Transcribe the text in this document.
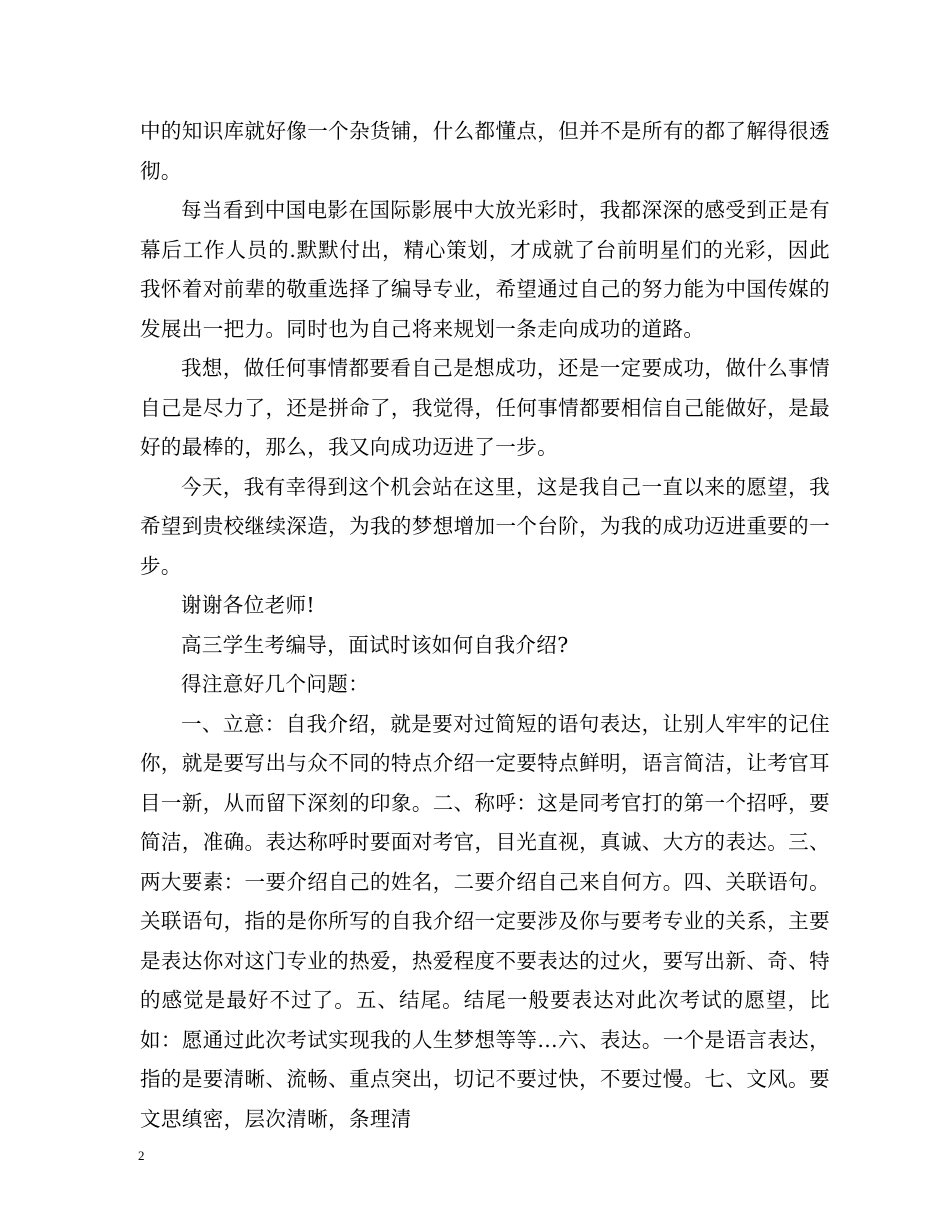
中的知识库就好像一个杂货铺，什么都懂点，但并不是所有的都了解得很透彻。

每当看到中国电影在国际影展中大放光彩时，我都深深的感受到正是有幕后工作人员的.默默付出，精心策划，才成就了台前明星们的光彩，因此我怀着对前辈的敬重选择了编导专业，希望通过自己的努力能为中国传媒的发展出一把力。同时也为自己将来规划一条走向成功的道路。

我想，做任何事情都要看自己是想成功，还是一定要成功，做什么事情自己是尽力了，还是拼命了，我觉得，任何事情都要相信自己能做好，是最好的最棒的，那么，我又向成功迈进了一步。

今天，我有幸得到这个机会站在这里，这是我自己一直以来的愿望，我希望到贵校继续深造，为我的梦想增加一个台阶，为我的成功迈进重要的一步。

谢谢各位老师!

高三学生考编导，面试时该如何自我介绍?

得注意好几个问题：

一、立意：自我介绍，就是要对过简短的语句表达，让别人牢牢的记住你，就是要写出与众不同的特点介绍一定要特点鲜明，语言简洁，让考官耳目一新，从而留下深刻的印象。二、称呼：这是同考官打的第一个招呼，要简洁，准确。表达称呼时要面对考官，目光直视，真诚、大方的表达。三、两大要素：一要介绍自己的姓名，二要介绍自己来自何方。四、关联语句。关联语句，指的是你所写的自我介绍一定要涉及你与要考专业的关系，主要是表达你对这门专业的热爱，热爱程度不要表达的过火，要写出新、奇、特的感觉是最好不过了。五、结尾。结尾一般要表达对此次考试的愿望，比如：愿通过此次考试实现我的人生梦想等等…六、表达。一个是语言表达，指的是要清晰、流畅、重点突出，切记不要过快，不要过慢。七、文风。要文思缜密，层次清晰，条理清

2
